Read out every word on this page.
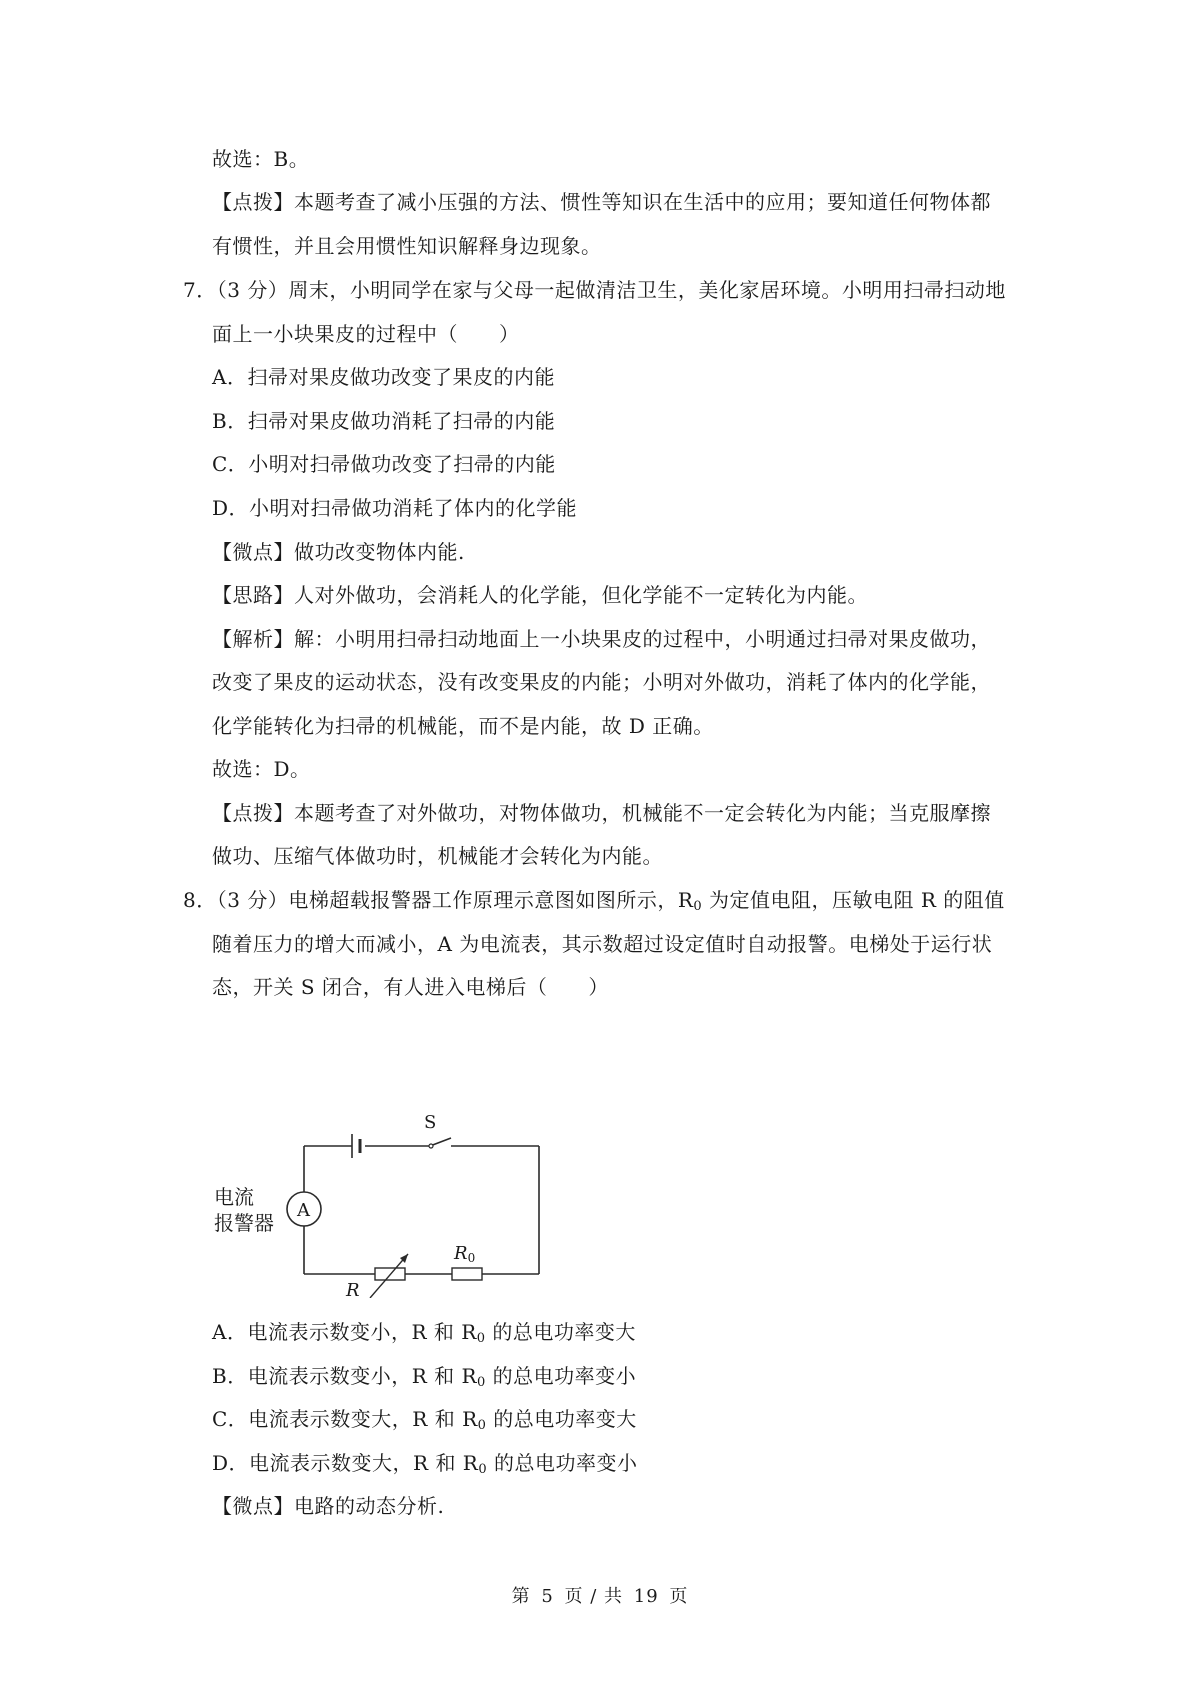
故选：B。
【点拨】本题考查了减小压强的方法、惯性等知识在生活中的应用；要知道任何物体都
有惯性，并且会用惯性知识解释身边现象。
7．（3 分）周末，小明同学在家与父母一起做清洁卫生，美化家居环境。小明用扫帚扫动地
面上一小块果皮的过程中（　　）
A．扫帚对果皮做功改变了果皮的内能
B．扫帚对果皮做功消耗了扫帚的内能
C．小明对扫帚做功改变了扫帚的内能
D．小明对扫帚做功消耗了体内的化学能
【微点】做功改变物体内能.
【思路】人对外做功，会消耗人的化学能，但化学能不一定转化为内能。
【解析】解：小明用扫帚扫动地面上一小块果皮的过程中，小明通过扫帚对果皮做功，
改变了果皮的运动状态，没有改变果皮的内能；小明对外做功，消耗了体内的化学能，
化学能转化为扫帚的机械能，而不是内能，故 D 正确。
故选：D。
【点拨】本题考查了对外做功，对物体做功，机械能不一定会转化为内能；当克服摩擦
做功、压缩气体做功时，机械能才会转化为内能。
8．（3 分）电梯超载报警器工作原理示意图如图所示，$R_0$ 为定值电阻，压敏电阻 R 的阻值
随着压力的增大而减小，A 为电流表，其示数超过设定值时自动报警。电梯处于运行状
态，开关 S 闭合，有人进入电梯后（　　）
S
A
电流
报警器
R
R0
A．电流表示数变小，R 和 $R_0$ 的总电功率变大
B．电流表示数变小，R 和 $R_0$ 的总电功率变小
C．电流表示数变大，R 和 $R_0$ 的总电功率变大
D．电流表示数变大，R 和 $R_0$ 的总电功率变小
【微点】电路的动态分析.
第 5 页 / 共 19 页
